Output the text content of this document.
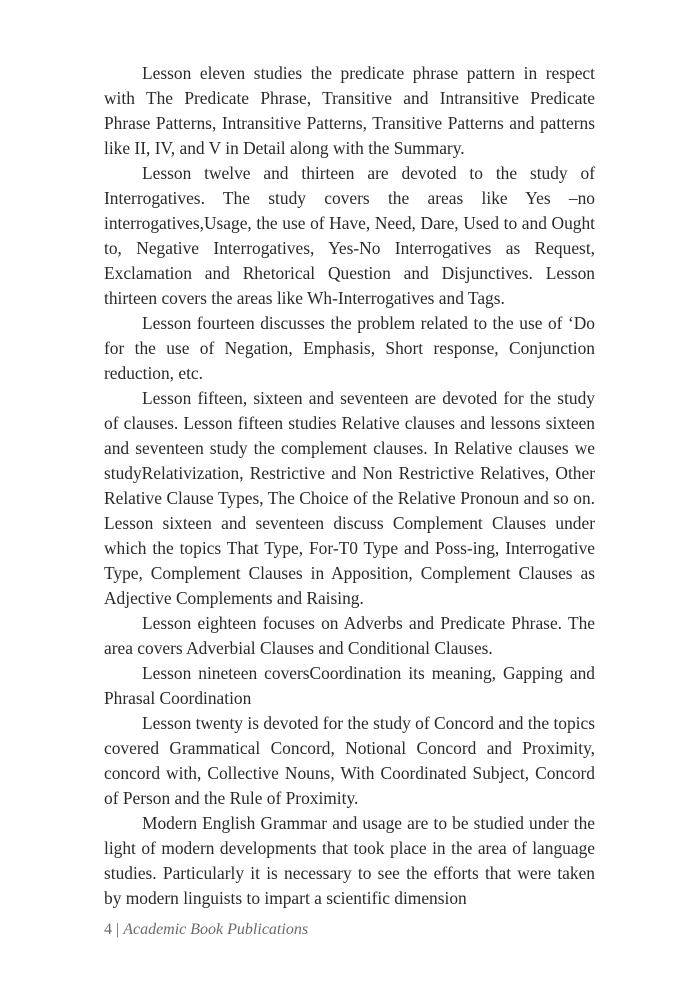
Lesson eleven studies the predicate phrase pattern in respect with The Predicate Phrase, Transitive and Intransitive Predicate Phrase Patterns, Intransitive Patterns, Transitive Patterns and patterns like II, IV, and V in Detail along with the Summary.

Lesson twelve and thirteen are devoted to the study of Interrogatives. The study covers the areas like Yes –no interrogatives,Usage, the use of Have, Need, Dare, Used to and Ought to, Negative Interrogatives, Yes-No Interrogatives as Request, Exclamation and Rhetorical Question and Disjunctives. Lesson thirteen covers the areas like Wh-Interrogatives and Tags.

Lesson fourteen discusses the problem related to the use of ‘Do for the use of Negation, Emphasis, Short response, Conjunction reduction, etc.

Lesson fifteen, sixteen and seventeen are devoted for the study of clauses. Lesson fifteen studies Relative clauses and lessons sixteen and seventeen study the complement clauses. In Relative clauses we studyRelativization, Restrictive and Non Restrictive Relatives, Other Relative Clause Types, The Choice of the Relative Pronoun and so on. Lesson sixteen and seventeen discuss Complement Clauses under which the topics That Type, For-T0 Type and Poss-ing, Interrogative Type, Complement Clauses in Apposition, Complement Clauses as Adjective Complements and Raising.

Lesson eighteen focuses on Adverbs and Predicate Phrase. The area covers Adverbial Clauses and Conditional Clauses.

Lesson nineteen coversCoordination its meaning, Gapping and Phrasal Coordination

Lesson twenty is devoted for the study of Concord and the topics covered Grammatical Concord, Notional Concord and Proximity, concord with, Collective Nouns, With Coordinated Subject, Concord of Person and the Rule of Proximity.

Modern English Grammar and usage are to be studied under the light of modern developments that took place in the area of language studies. Particularly it is necessary to see the efforts that were taken by modern linguists to impart a scientific dimension

4 | Academic Book Publications
